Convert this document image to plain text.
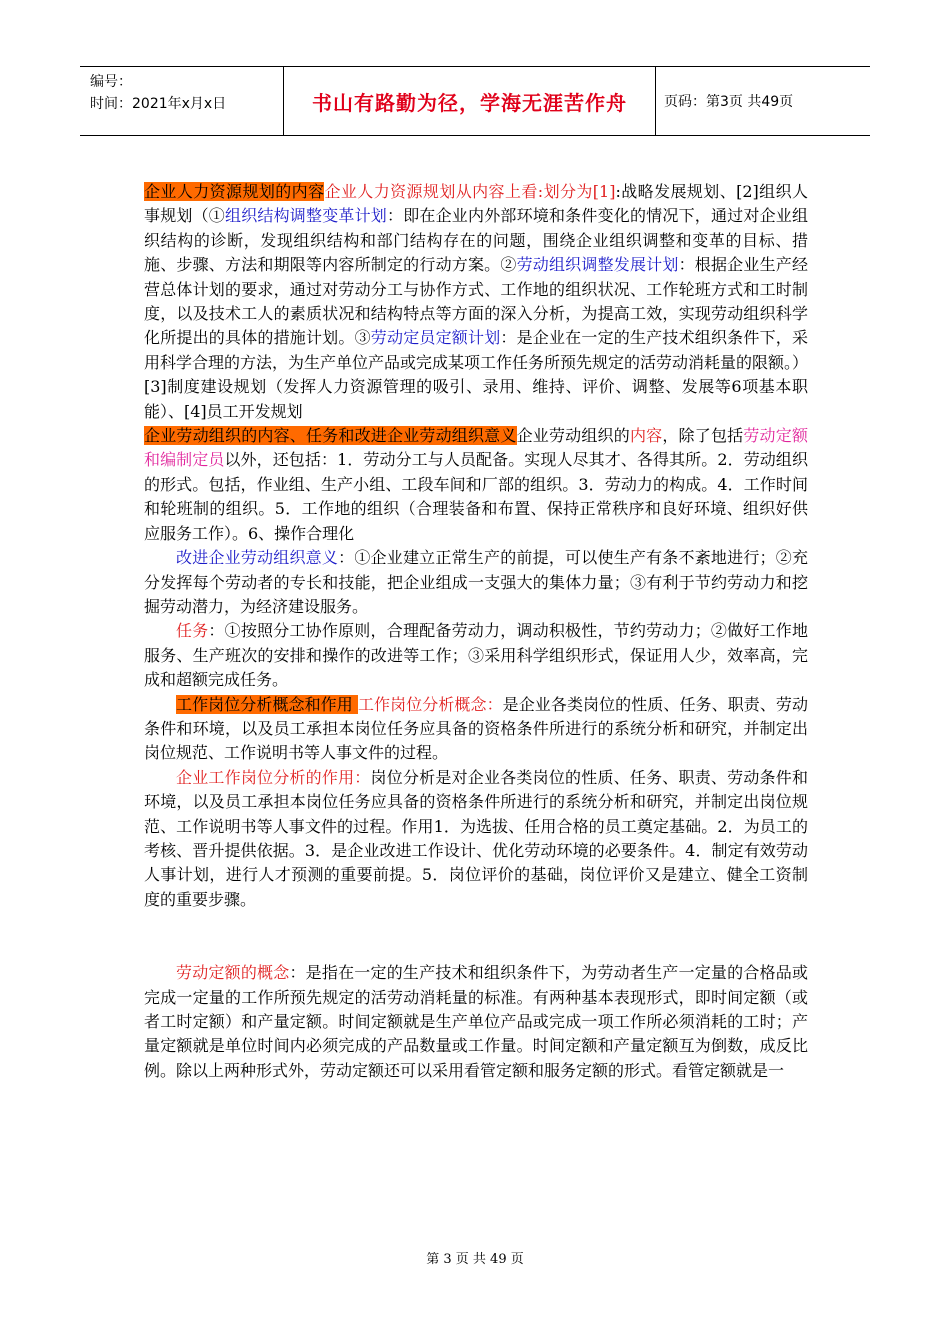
编号：
时间：2021年x月x日	书山有路勤为径，学海无涯苦作舟	页码：第3页 共49页

企业人力资源规划的内容企业人力资源规划从内容上看:划分为[1]:战略发展规划、[2]组织人事规划（①组织结构调整变革计划：即在企业内外部环境和条件变化的情况下，通过对企业组织结构的诊断，发现组织结构和部门结构存在的问题，围绕企业组织调整和变革的目标、措施、步骤、方法和期限等内容所制定的行动方案。②劳动组织调整发展计划：根据企业生产经营总体计划的要求，通过对劳动分工与协作方式、工作地的组织状况、工作轮班方式和工时制度，以及技术工人的素质状况和结构特点等方面的深入分析，为提高工效，实现劳动组织科学化所提出的具体的措施计划。③劳动定员定额计划：是企业在一定的生产技术组织条件下，采用科学合理的方法，为生产单位产品或完成某项工作任务所预先规定的活劳动消耗量的限额。）[3]制度建设规划（发挥人力资源管理的吸引、录用、维持、评价、调整、发展等6项基本职能）、[4]员工开发规划

企业劳动组织的内容、任务和改进企业劳动组织意义企业劳动组织的内容，除了包括劳动定额和编制定员以外，还包括：1．劳动分工与人员配备。实现人尽其才、各得其所。2．劳动组织的形式。包括，作业组、生产小组、工段车间和厂部的组织。3．劳动力的构成。4．工作时间和轮班制的组织。5．工作地的组织（合理装备和布置、保持正常秩序和良好环境、组织好供应服务工作）。6、操作合理化

改进企业劳动组织意义：①企业建立正常生产的前提，可以使生产有条不紊地进行；②充分发挥每个劳动者的专长和技能，把企业组成一支强大的集体力量；③有利于节约劳动力和挖掘劳动潜力，为经济建设服务。

任务：①按照分工协作原则，合理配备劳动力，调动积极性，节约劳动力；②做好工作地服务、生产班次的安排和操作的改进等工作；③采用科学组织形式，保证用人少，效率高，完成和超额完成任务。

工作岗位分析概念和作用 工作岗位分析概念：是企业各类岗位的性质、任务、职责、劳动条件和环境，以及员工承担本岗位任务应具备的资格条件所进行的系统分析和研究，并制定出岗位规范、工作说明书等人事文件的过程。

企业工作岗位分析的作用：岗位分析是对企业各类岗位的性质、任务、职责、劳动条件和环境，以及员工承担本岗位任务应具备的资格条件所进行的系统分析和研究，并制定出岗位规范、工作说明书等人事文件的过程。作用1．为选拔、任用合格的员工奠定基础。2．为员工的考核、晋升提供依据。3．是企业改进工作设计、优化劳动环境的必要条件。4．制定有效劳动人事计划，进行人才预测的重要前提。5．岗位评价的基础，岗位评价又是建立、健全工资制度的重要步骤。

劳动定额的概念：是指在一定的生产技术和组织条件下，为劳动者生产一定量的合格品或完成一定量的工作所预先规定的活劳动消耗量的标准。有两种基本表现形式，即时间定额（或者工时定额）和产量定额。时间定额就是生产单位产品或完成一项工作所必须消耗的工时；产量定额就是单位时间内必须完成的产品数量或工作量。时间定额和产量定额互为倒数，成反比例。除以上两种形式外，劳动定额还可以采用看管定额和服务定额的形式。看管定额就是一

第 3 页 共 49 页
